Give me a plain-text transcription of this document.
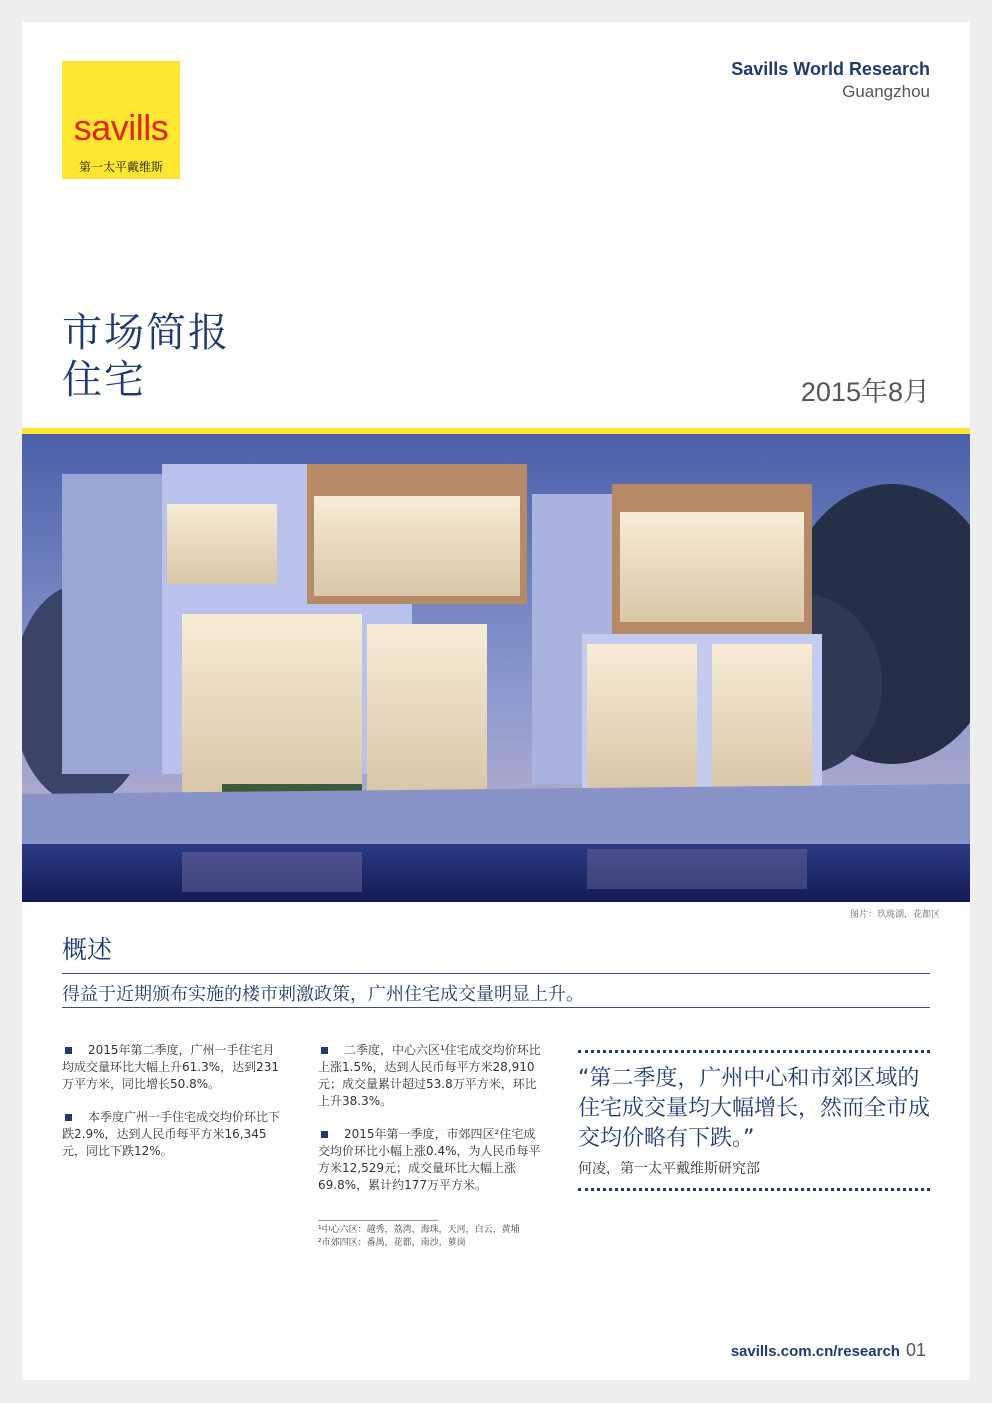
savills
第一太平戴维斯
Savills World Research
Guangzhou
市场简报
住宅	2015年8月
图片：玖珑湖，花都区
概述
得益于近期颁布实施的楼市刺激政策，广州住宅成交量明显上升。
2015年第二季度，广州一手住宅月均成交量环比大幅上升61.3%，达到231万平方米，同比增长50.8%。
本季度广州一手住宅成交均价环比下跌2.9%，达到人民币每平方米16,345元，同比下跌12%。
二季度，中心六区¹住宅成交均价环比上涨1.5%，达到人民币每平方米28,910元；成交量累计超过53.8万平方米，环比上升38.3%。
2015年第一季度，市郊四区²住宅成交均价环比小幅上涨0.4%，为人民币每平方米12,529元；成交量环比大幅上涨69.8%，累计约177万平方米。
¹中心六区：越秀，荔湾，海珠，天河，白云，黄埔
²市郊四区：番禺，花都，南沙，萝岗
“第二季度，广州中心和市郊区域的住宅成交量均大幅增长，然而全市成交均价略有下跌。”
何凌，第一太平戴维斯研究部
savills.com.cn/research 01
